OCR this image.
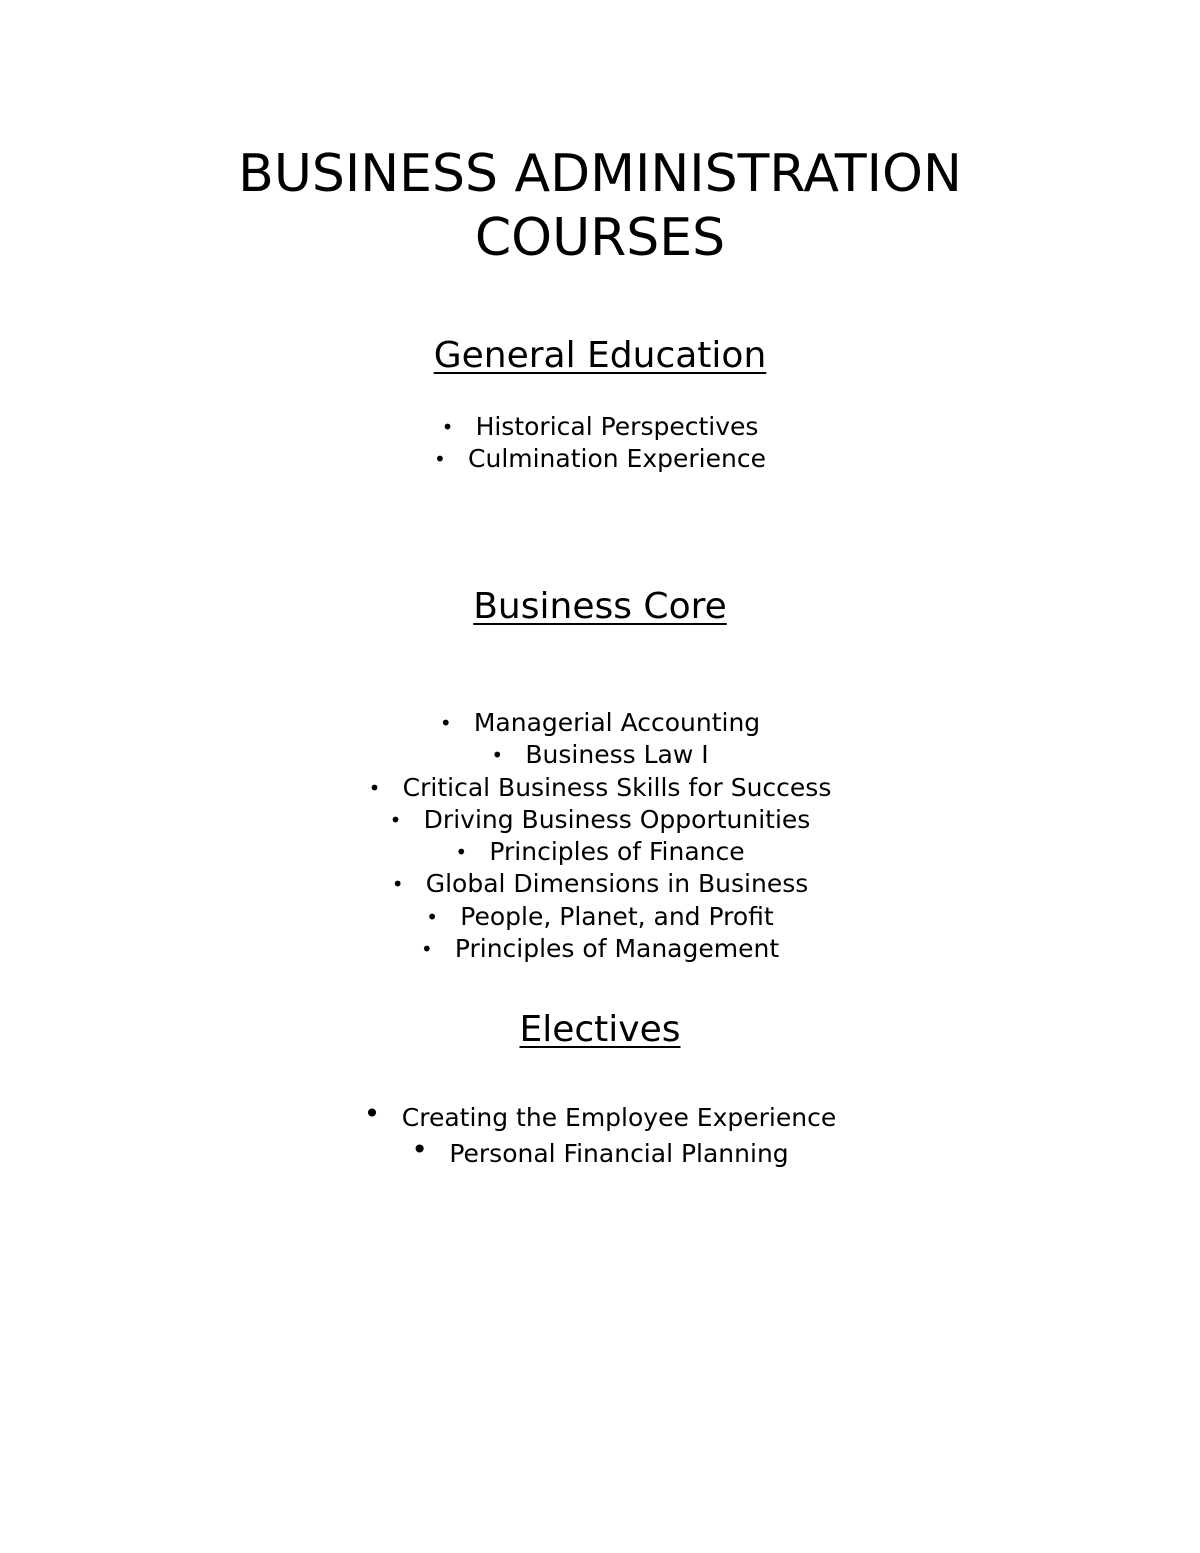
BUSINESS ADMINISTRATION
COURSES
General Education
• Historical Perspectives
• Culmination Experience
Business Core
• Managerial Accounting
• Business Law I
• Critical Business Skills for Success
• Driving Business Opportunities
• Principles of Finance
• Global Dimensions in Business
• People, Planet, and Profit
• Principles of Management
Electives
• Creating the Employee Experience
• Personal Financial Planning
